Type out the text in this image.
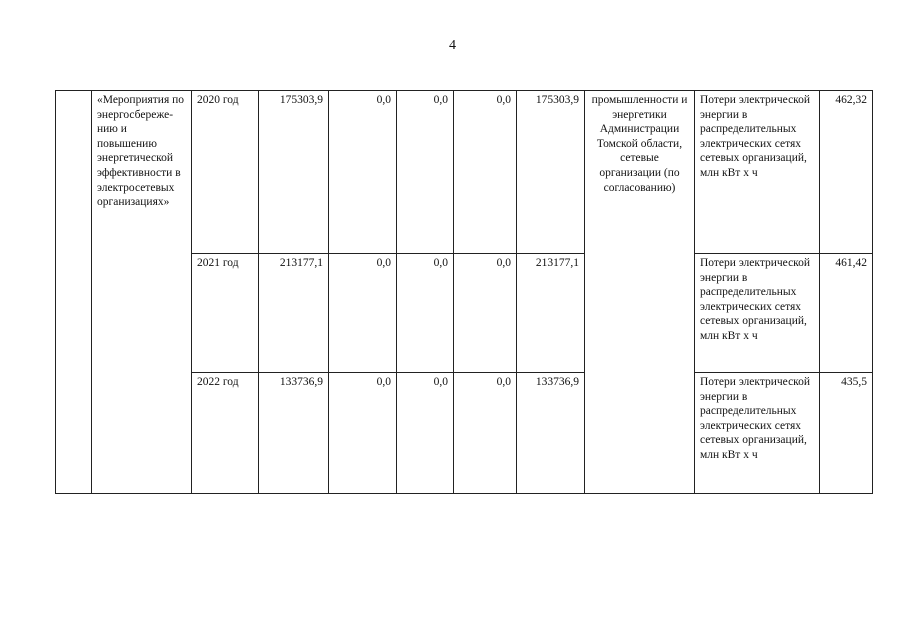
4
	«Мероприятия по энергосбереже-нию и повышению энергетической эффективности в электросетевых организациях»	2020 год	175303,9	0,0	0,0	0,0	175303,9	промышленности и энергетики Администрации Томской области, сетевые организации (по согласованию)	Потери электрической энергии в распределительных электрических сетях сетевых организаций, млн кВт х ч	462,32
		2021 год	213177,1	0,0	0,0	0,0	213177,1		Потери электрической энергии в распределительных электрических сетях сетевых организаций, млн кВт х ч	461,42
		2022 год	133736,9	0,0	0,0	0,0	133736,9		Потери электрической энергии в распределительных электрических сетях сетевых организаций, млн кВт х ч	435,5
